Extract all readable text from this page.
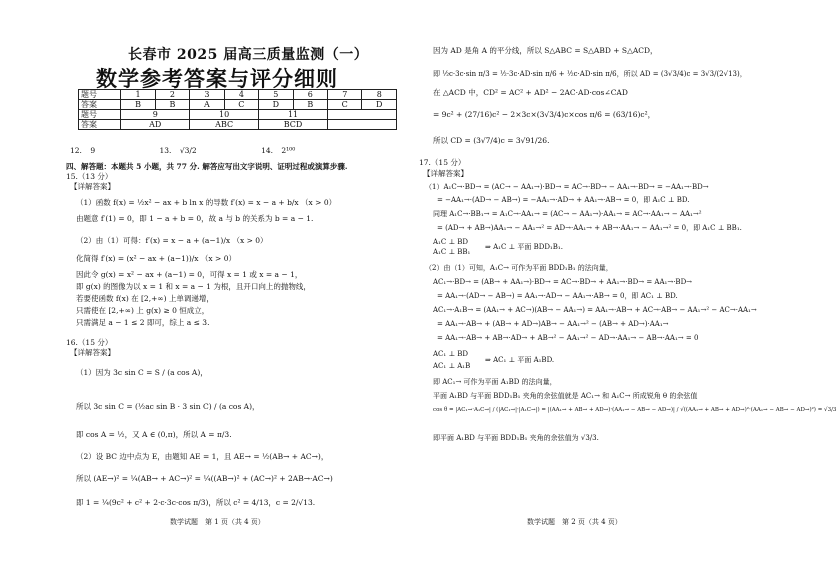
长春市 2025 届高三质量监测（一）
数学参考答案与评分细则
题号	1	2	3	4	5	6	7	8
答案	B	B	A	C	D	B	C	D
题号	9		10		11			
答案	AD		ABC		BCD			
12. 9	13. √3/2	14. 2¹⁰⁰
四、解答题：本题共 5 小题，共 77 分. 解答应写出文字说明、证明过程或演算步骤.
15.（13 分）
【详解答案】
（1）函数 f(x) = ½x² − ax + b ln x 的导数 f′(x) = x − a + b/x （x > 0）
由题意 f′(1) = 0，即 1 − a + b = 0，故 a 与 b 的关系为 b = a − 1.
（2）由（1）可得：f′(x) = x − a + (a−1)/x （x > 0）
化简得 f′(x) = (x² − ax + (a−1))/x （x > 0）
因此令 g(x) = x² − ax + (a−1) = 0，可得 x = 1 或 x = a − 1，
即 g(x) 的图像为以 x = 1 和 x = a − 1 为根，且开口向上的抛物线，
若要使函数 f(x) 在 [2,+∞) 上单调递增，
只需使在 [2,+∞) 上 g(x) ≥ 0 恒成立，
只需满足 a − 1 ≤ 2 即可，综上 a ≤ 3.
16.（15 分）
【详解答案】
（1）因为 3c sin C = S / (a cos A)，
所以 3c sin C = (½ac sin B · 3 sin C) / (a cos A)，
即 cos A = ½，又 A ∈ (0,π)，所以 A = π/3.
（2）设 BC 边中点为 E，由题知 AE = 1，且 AE→ = ½(AB→ + AC→)，
所以 (AE→)² = ¼(AB→ + AC→)² = ¼((AB→)² + (AC→)² + 2AB→·AC→)
即 1 = ¼(9c² + c² + 2·c·3c·cos π/3)，所以 c² = 4/13，c = 2/√13.
数学试题　第 1 页（共 4 页）
因为 AD 是角 A 的平分线，所以 S△ABC = S△ABD + S△ACD，
即 ½c·3c·sin π/3 = ½·3c·AD·sin π/6 + ½c·AD·sin π/6，所以 AD = (3√3/4)c = 3√3/(2√13)，
在 △ACD 中，CD² = AC² + AD² − 2AC·AD·cos∠CAD
= 9c² + (27/16)c² − 2×3c×(3√3/4)c×cos π/6 = (63/16)c²，
所以 CD = (3√7/4)c = 3√91/26.
17.（15 分）
【详解答案】
（1）A₁C→·BD→ = (AC→ − AA₁→)·BD→ = AC→·BD→ − AA₁→·BD→ = −AA₁→·BD→
= −AA₁→·(AD→ − AB→) = −AA₁→·AD→ + AA₁→·AB→ = 0，即 A₁C ⊥ BD.
同理 A₁C→·BB₁→ = A₁C→·AA₁→ = (AC→ − AA₁→)·AA₁→ = AC→·AA₁→ − AA₁→²
= (AD→ + AB→)AA₁→ − AA₁→² = AD→·AA₁→ + AB→·AA₁→ − AA₁→² = 0，即 A₁C ⊥ BB₁.
A₁C ⊥ BD
A₁C ⊥ BB₁
⇒ A₁C ⊥ 平面 BDD₁B₁.
（2）由（1）可知，A₁C→ 可作为平面 BDD₁B₁ 的法向量，
AC₁→·BD→ = (AB→ + AA₁→)·BD→ = AC→·BD→ + AA₁→·BD→ = AA₁→·BD→
= AA₁→·(AD→ − AB→) = AA₁→·AD→ − AA₁→·AB→ = 0，即 AC₁ ⊥ BD.
AC₁→·A₁B→ = (AA₁→ + AC→)(AB→ − AA₁→) = AA₁→·AB→ + AC→·AB→ − AA₁→² − AC→·AA₁→
= AA₁→·AB→ + (AB→ + AD→)AB→ − AA₁→² − (AB→ + AD→)·AA₁→
= AA₁→·AB→ + AB→·AD→ + AB→² − AA₁→² − AD→·AA₁→ − AB→·AA₁→ = 0
AC₁ ⊥ BD
AC₁ ⊥ A₁B
⇒ AC₁ ⊥ 平面 A₁BD.
即 AC₁→ 可作为平面 A₁BD 的法向量，
平面 A₁BD 与平面 BDD₁B₁ 夹角的余弦值就是 AC₁→ 和 A₁C→ 所成锐角 θ 的余弦值
cos θ = |AC₁→·A₁C→| / (|AC₁→|·|A₁C→|) = |(AA₁→ + AB→ + AD→)·(AA₁→ − AB→ − AD→)| / √((AA₁→ + AB→ + AD→)²·(AA₁→ − AB→ − AD→)²) = √3/3
即平面 A₁BD 与平面 BDD₁B₁ 夹角的余弦值为 √3/3.
数学试题　第 2 页（共 4 页）
